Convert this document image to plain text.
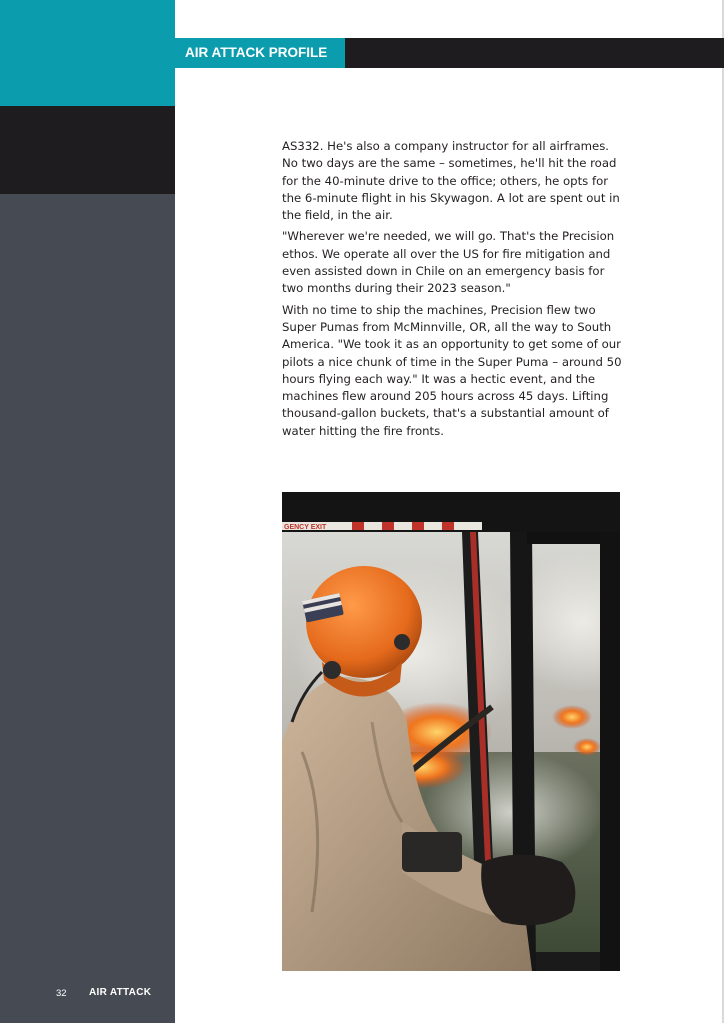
AIR ATTACK PROFILE

AS332. He's also a company instructor for all airframes. No two days are the same – sometimes, he'll hit the road for the 40-minute drive to the office; others, he opts for the 6-minute flight in his Skywagon. A lot are spent out in the field, in the air.

"Wherever we're needed, we will go. That's the Precision ethos. We operate all over the US for fire mitigation and even assisted down in Chile on an emergency basis for two months during their 2023 season."

With no time to ship the machines, Precision flew two Super Pumas from McMinnville, OR, all the way to South America. "We took it as an opportunity to get some of our pilots a nice chunk of time in the Super Puma – around 50 hours flying each way." It was a hectic event, and the machines flew around 205 hours across 45 days. Lifting thousand-gallon buckets, that's a substantial amount of water hitting the fire fronts.

GENCY EXIT
32 AIR ATTACK
